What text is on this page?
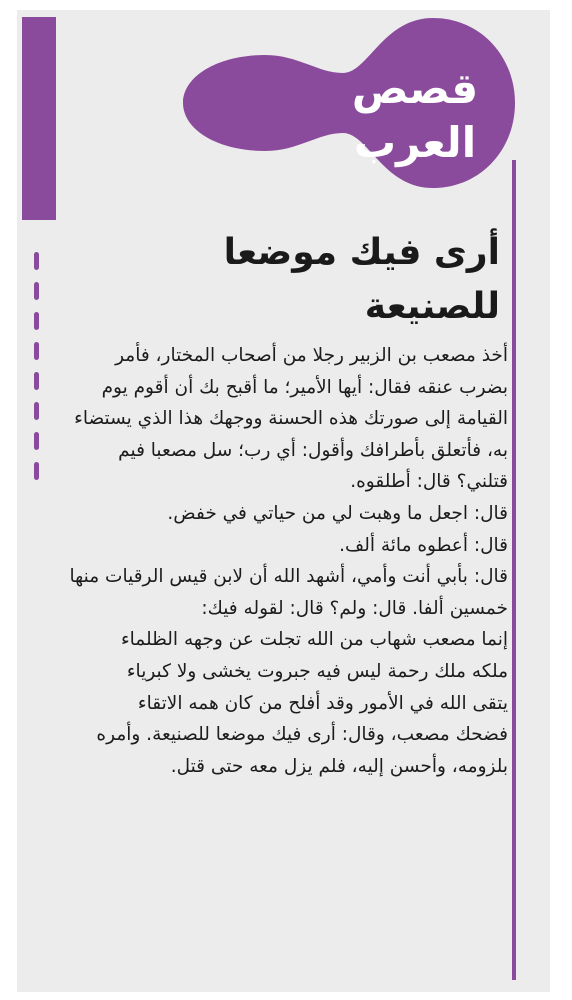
قصص العرب
أرى فيك موضعا للصنيعة

أخذ مصعب بن الزبير رجلا من أصحاب المختار، فأمر بضرب عنقه فقال: أيها الأمير؛ ما أقبح بك أن أقوم يوم القيامة إلى صورتك هذه الحسنة ووجهك هذا الذي يستضاء به، فأتعلق بأطرافك وأقول: أي رب؛ سل مصعبا فيم قتلني؟ قال: أطلقوه.

قال: اجعل ما وهبت لي من حياتي في خفض.

قال: أعطوه مائة ألف.

قال: بأبي أنت وأمي، أشهد الله أن لابن قيس الرقيات منها خمسين ألفا. قال: ولم؟ قال: لقوله فيك:

إنما مصعب شهاب من الله تجلت عن وجهه الظلماء

ملكه ملك رحمة ليس فيه جبروت يخشى ولا كبرياء

يتقى الله في الأمور وقد أفلح من كان همه الاتقاء

فضحك مصعب، وقال: أرى فيك موضعا للصنيعة. وأمره بلزومه، وأحسن إليه، فلم يزل معه حتى قتل.
